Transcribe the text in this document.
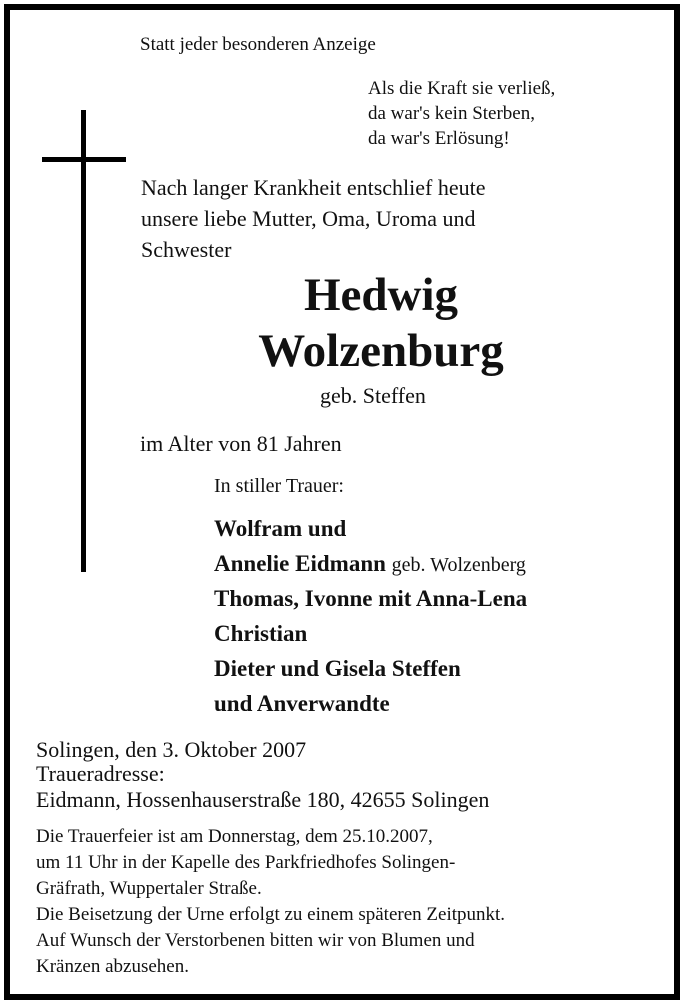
Statt jeder besonderen Anzeige

Als die Kraft sie verließ,

da war's kein Sterben,

da war's Erlösung!

Nach langer Krankheit entschlief heute

unsere liebe Mutter, Oma, Uroma und

Schwester

Hedwig

Wolzenburg

geb. Steffen

im Alter von 81 Jahren

In stiller Trauer:

Wolfram und

Annelie Eidmann geb. Wolzenberg

Thomas, Ivonne mit Anna-Lena

Christian

Dieter und Gisela Steffen

und Anverwandte

Solingen, den 3. Oktober 2007

Traueradresse:

Eidmann, Hossenhauserstraße 180, 42655 Solingen

Die Trauerfeier ist am Donnerstag, dem 25.10.2007,

um 11 Uhr in der Kapelle des Parkfriedhofes Solingen-

Gräfrath, Wuppertaler Straße.

Die Beisetzung der Urne erfolgt zu einem späteren Zeitpunkt.

Auf Wunsch der Verstorbenen bitten wir von Blumen und

Kränzen abzusehen.
